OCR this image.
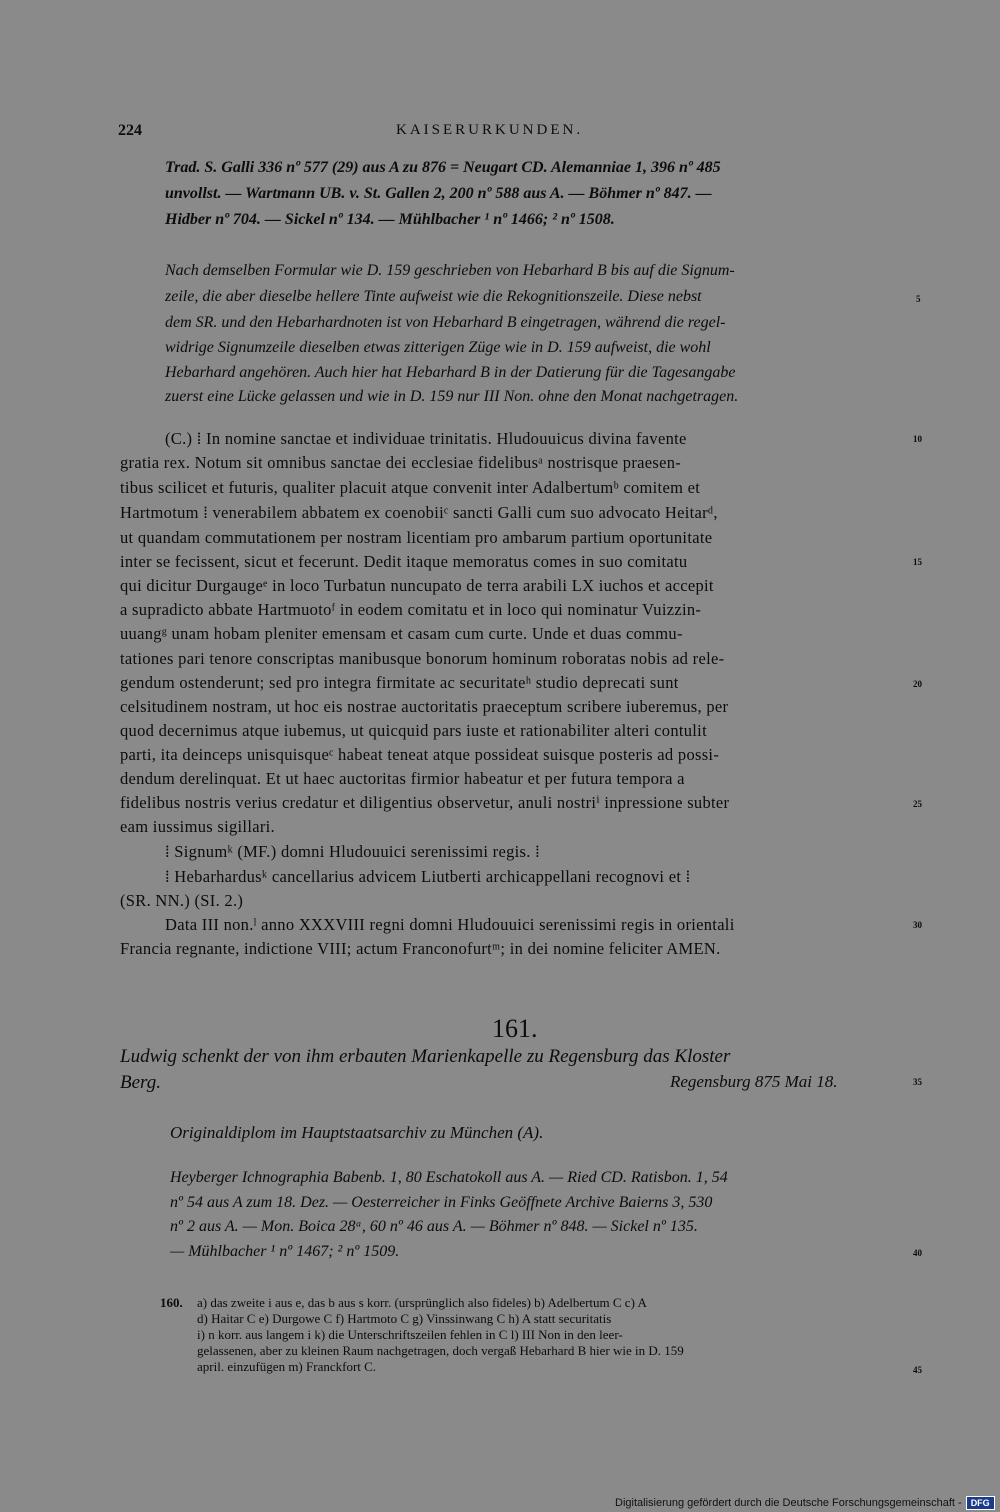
224	KAISERURKUNDEN.
Trad. S. Galli 336 nº 577 (29) aus A zu 876 = Neugart CD. Alemanniae 1, 396 nº 485
unvollst. — Wartmann UB. v. St. Gallen 2, 200 nº 588 aus A. — Böhmer nº 847. —
Hidber nº 704. — Sickel nº 134. — Mühlbacher ¹ nº 1466; ² nº 1508.
Nach demselben Formular wie D. 159 geschrieben von Hebarhard B bis auf die Signum-
zeile, die aber dieselbe hellere Tinte aufweist wie die Rekognitionszeile. Diese nebst
dem SR. und den Hebarhardnoten ist von Hebarhard B eingetragen, während die regel-
widrige Signumzeile dieselben etwas zitterigen Züge wie in D. 159 aufweist, die wohl
Hebarhard angehören. Auch hier hat Hebarhard B in der Datierung für die Tagesangabe
zuerst eine Lücke gelassen und wie in D. 159 nur III Non. ohne den Monat nachgetragen.
(C.) ⁞ In nomine sanctae et individuae trinitatis. Hludouuicus divina favente
gratia rex. Notum sit omnibus sanctae dei ecclesiae fidelibusᵃ nostrisque praesen-
tibus scilicet et futuris, qualiter placuit atque convenit inter Adalbertumᵇ comitem et
Hartmotum ⁞ venerabilem abbatem ex coenobiiᶜ sancti Galli cum suo advocato Heitarᵈ,
ut quandam commutationem per nostram licentiam pro ambarum partium oportunitate
inter se fecissent, sicut et fecerunt. Dedit itaque memoratus comes in suo comitatu
qui dicitur Durgaugeᵉ in loco Turbatun nuncupato de terra arabili LX iuchos et accepit
a supradicto abbate Hartmuotoᶠ in eodem comitatu et in loco qui nominatur Vuizzin-
uuangᵍ unam hobam pleniter emensam et casam cum curte. Unde et duas commu-
tationes pari tenore conscriptas manibusque bonorum hominum roboratas nobis ad rele-
gendum ostenderunt; sed pro integra firmitate ac securitateʰ studio deprecati sunt
celsitudinem nostram, ut hoc eis nostrae auctoritatis praeceptum scribere iuberemus, per
quod decernimus atque iubemus, ut quicquid pars iuste et rationabiliter alteri contulit
parti, ita deinceps unisquisqueᶜ habeat teneat atque possideat suisque posteris ad possi-
dendum derelinquat. Et ut haec auctoritas firmior habeatur et per futura tempora a
fidelibus nostris verius credatur et diligentius observetur, anuli nostriⁱ inpressione subter
eam iussimus sigillari.
⁞ Signumᵏ (MF.) domni Hludouuici serenissimi regis. ⁞
⁞ Hebarhardusᵏ cancellarius advicem Liutberti archicappellani recognovi et ⁞
(SR. NN.) (SI. 2.)
Data III non.ˡ anno XXXVIII regni domni Hludouuici serenissimi regis in orientali
Francia regnante, indictione VIII; actum Franconofurtᵐ; in dei nomine feliciter AMEN.
161.
Ludwig schenkt der von ihm erbauten Marienkapelle zu Regensburg das Kloster
Berg.	Regensburg 875 Mai 18.
Originaldiplom im Hauptstaatsarchiv zu München (A).
Heyberger Ichnographia Babenb. 1, 80 Eschatokoll aus A. — Ried CD. Ratisbon. 1, 54
nº 54 aus A zum 18. Dez. — Oesterreicher in Finks Geöffnete Archive Baierns 3, 530
nº 2 aus A. — Mon. Boica 28ᵃ, 60 nº 46 aus A. — Böhmer nº 848. — Sickel nº 135.
— Mühlbacher ¹ nº 1467; ² nº 1509.
160. a) das zweite i aus e, das b aus s korr. (ursprünglich also fideles) b) Adelbertum C c) A
d) Haitar C e) Durgowe C f) Hartmoto C g) Vinssinwang C h) A statt securitatis
i) n korr. aus langem i k) die Unterschriftszeilen fehlen in C l) III Non in den leer-
gelassenen, aber zu kleinen Raum nachgetragen, doch vergaß Hebarhard B hier wie in D. 159
april. einzufügen m) Franckfort C.
5
10
15
20
25
30
35
40
45
Digitalisierung gefördert durch die Deutsche Forschungsgemeinschaft -	DFG
